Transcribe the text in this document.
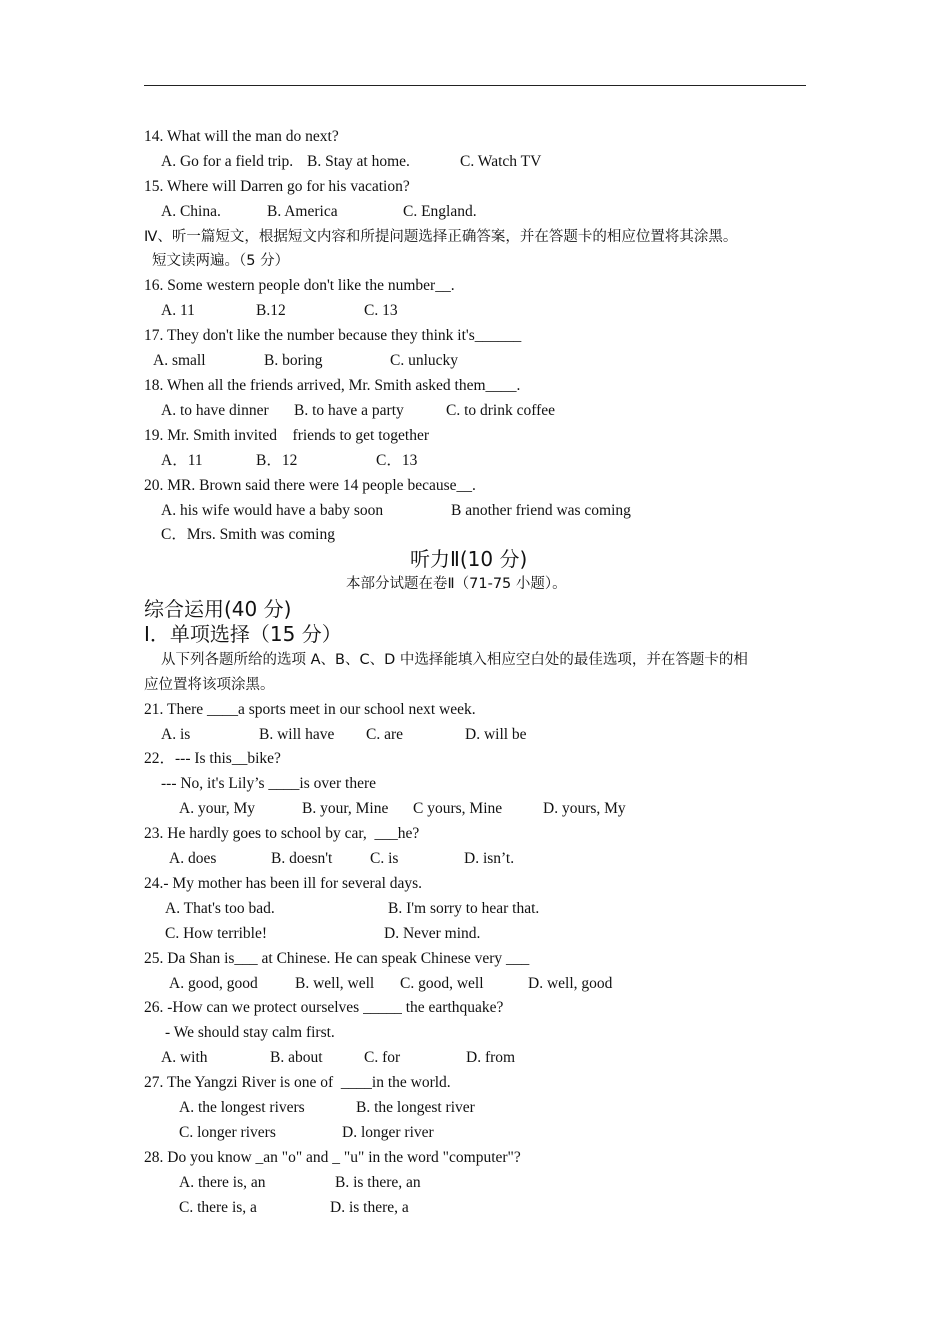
14. What will the man do next?
A. Go for a field trip. B. Stay at home.	C. Watch TV
15. Where will Darren go for his vacation?
A. China.	B. America	C. England.
Ⅳ、听一篇短文，根据短文内容和所提问题选择正确答案，并在答题卡的相应位置将其涂黑。
短文读两遍。（5 分）
16. Some western people don't like the number__.
A. 11	B.12	C. 13
17. They don't like the number because they think it's______
A. small	B. boring	C. unlucky
18. When all the friends arrived, Mr. Smith asked them____.
A. to have dinner B. to have a party	C. to drink coffee
19. Mr. Smith invited    friends to get together
A．11	B．12	C．13
20. MR. Brown said there were 14 people because__.
A. his wife would have a baby soon	B another friend was coming
C．Mrs. Smith was coming
听力Ⅱ(10 分)
本部分试题在卷Ⅱ（71-75 小题）。
综合运用(40 分)
I．单项选择（15 分）
从下列各题所给的选项 A、B、C、D 中选择能填入相应空白处的最佳选项，并在答题卡的相
应位置将该项涂黑。
21. There ____a sports meet in our school next week.
A. is	B. will have C. are	D. will be
22．--- Is this__bike?
--- No, it's Lily’s ____is over there
A. your, My	B. your, Mine C yours, Mine	D. yours, My
23. He hardly goes to school by car,  ___he?
A. does	B. doesn't C. is	D. isn’t.
24.- My mother has been ill for several days.
A. That's too bad.	B. I'm sorry to hear that.
C. How terrible!	D. Never mind.
25. Da Shan is___ at Chinese. He can speak Chinese very ___
A. good, good B. well, well C. good, well	D. well, good
26. -How can we protect ourselves _____ the earthquake?
- We should stay calm first.
A. with	B. about	C. for	D. from
27. The Yangzi River is one of  ____in the world.
A. the longest rivers	B. the longest river
C. longer rivers	D. longer river
28. Do you know _an "o" and _ "u" in the word "computer"?
A. there is, an	B. is there, an
C. there is, a	D. is there, a
